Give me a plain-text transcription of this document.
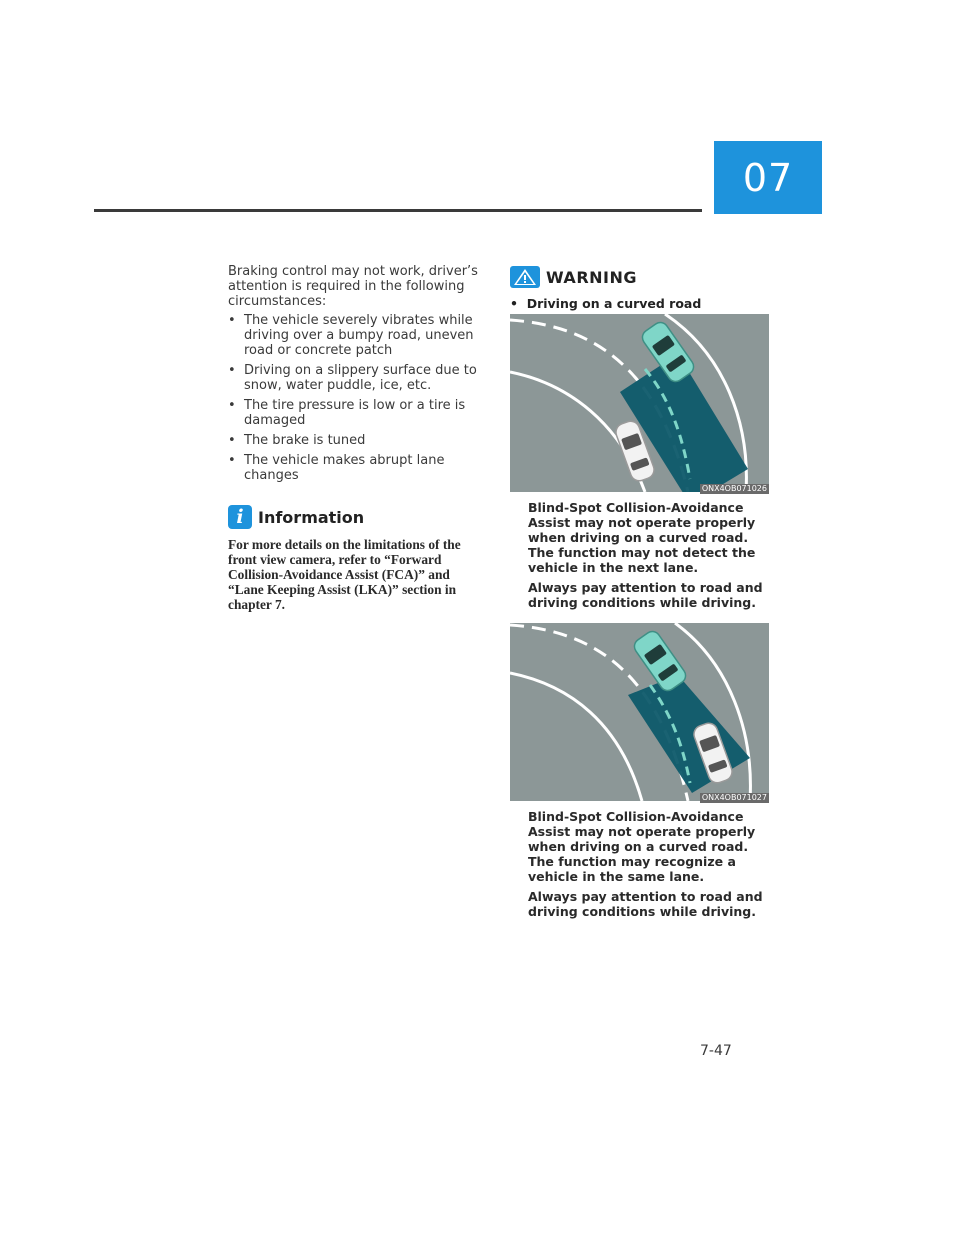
07

Braking control may not work, driver’s attention is required in the following circumstances:

• The vehicle severely vibrates while driving over a bumpy road, uneven road or concrete patch
• Driving on a slippery surface due to snow, water puddle, ice, etc.
• The tire pressure is low or a tire is damaged
• The brake is tuned
• The vehicle makes abrupt lane changes
i Information
For more details on the limitations of the front view camera, refer to “Forward Collision-Avoidance Assist (FCA)” and “Lane Keeping Assist (LKA)” section in chapter 7.
WARNING
•  Driving on a curved road
ONX4OB071026

Blind-Spot Collision-Avoidance Assist may not operate properly when driving on a curved road. The function may not detect the vehicle in the next lane.

Always pay attention to road and driving conditions while driving.

ONX4OB071027

Blind-Spot Collision-Avoidance Assist may not operate properly when driving on a curved road. The function may recognize a vehicle in the same lane.

Always pay attention to road and driving conditions while driving.

7-47
